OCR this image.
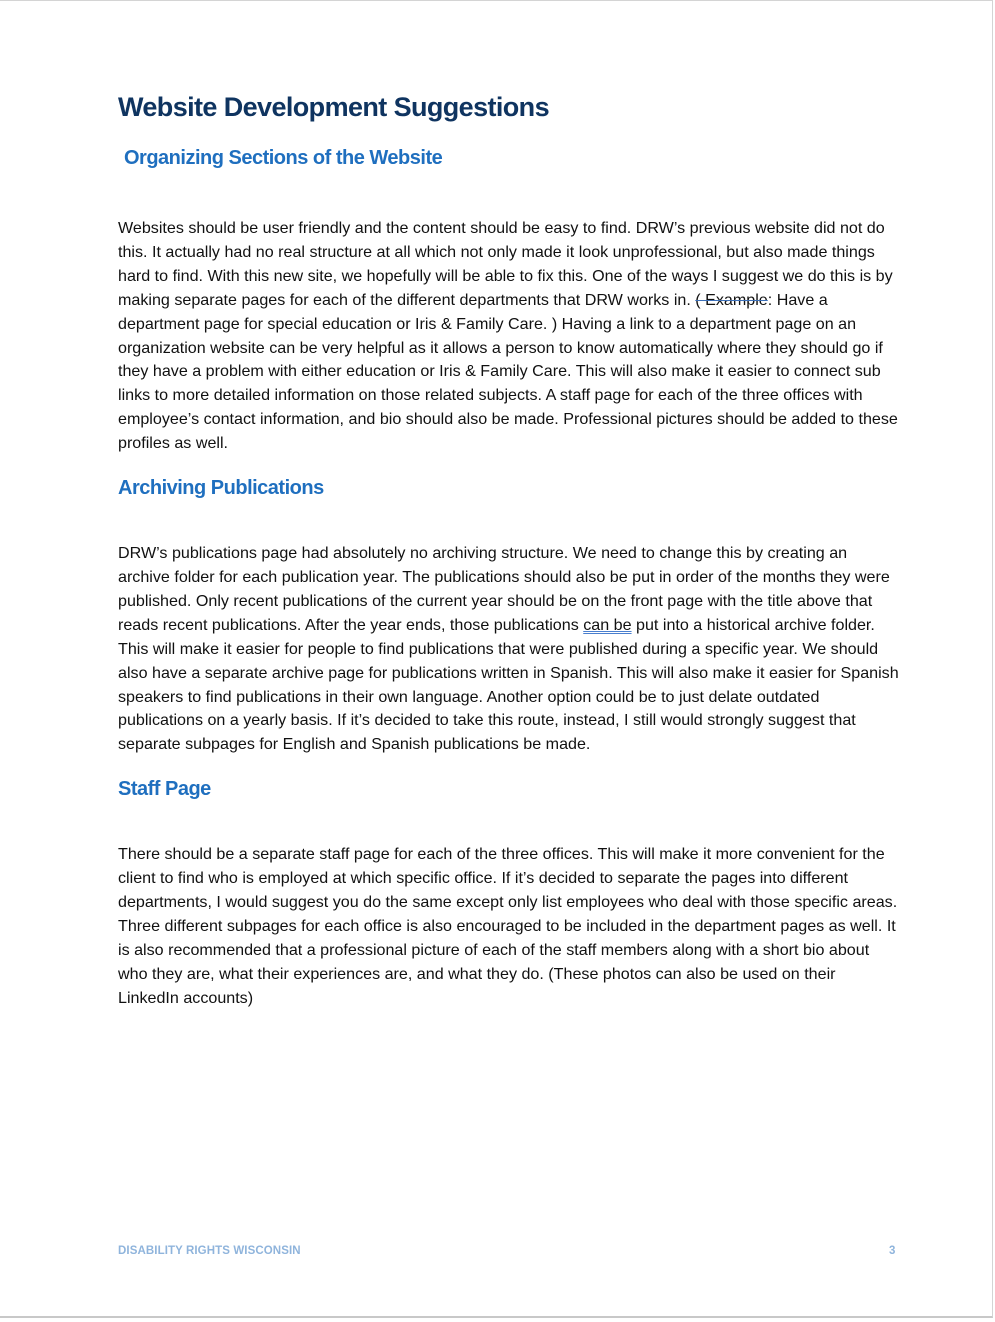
Website Development Suggestions
Organizing Sections of the Website

Websites should be user friendly and the content should be easy to find. DRW’s previous website did not do this. It actually had no real structure at all which not only made it look unprofessional, but also made things hard to find. With this new site, we hopefully will be able to fix this. One of the ways I suggest we do this is by making separate pages for each of the different departments that DRW works in. ( Example: Have a department page for special education or Iris & Family Care. ) Having a link to a department page on an organization website can be very helpful as it allows a person to know automatically where they should go if they have a problem with either education or Iris & Family Care. This will also make it easier to connect sub links to more detailed information on those related subjects. A staff page for each of the three offices with employee’s contact information, and bio should also be made. Professional pictures should be added to these profiles as well.

Archiving Publications

DRW’s publications page had absolutely no archiving structure. We need to change this by creating an archive folder for each publication year. The publications should also be put in order of the months they were published. Only recent publications of the current year should be on the front page with the title above that reads recent publications. After the year ends, those publications can be put into a historical archive folder. This will make it easier for people to find publications that were published during a specific year. We should also have a separate archive page for publications written in Spanish. This will also make it easier for Spanish speakers to find publications in their own language. Another option could be to just delate outdated publications on a yearly basis. If it’s decided to take this route, instead, I still would strongly suggest that separate subpages for English and Spanish publications be made.

Staff Page

There should be a separate staff page for each of the three offices. This will make it more convenient for the client to find who is employed at which specific office. If it’s decided to separate the pages into different departments, I would suggest you do the same except only list employees who deal with those specific areas. Three different subpages for each office is also encouraged to be included in the department pages as well. It is also recommended that a professional picture of each of the staff members along with a short bio about who they are, what their experiences are, and what they do. (These photos can also be used on their LinkedIn accounts)

DISABILITY RIGHTS WISCONSIN	3
